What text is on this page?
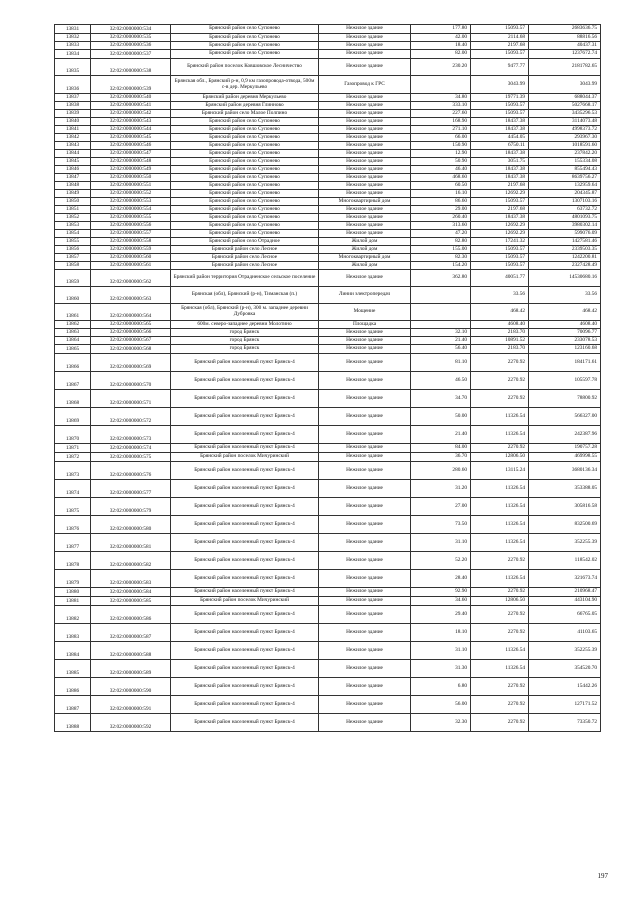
13831	32:02:0000000:534	Брянский район село Супонево	Нежилое здание	177.80	15093.57	2683636.75
13832	32:02:0000000:535	Брянский район село Супонево	Нежилое здание	42.00	2114.68	88816.56
13833	32:02:0000000:536	Брянский район село Супонево	Нежилое здание	18.40	2197.68	40437.31
13834	32:02:0000000:537	Брянский район село Супонево	Нежилое здание	82.00	15093.57	1237672.74
13835	32:02:0000000:538	Брянский район поселок Ковшовское Лесничество	Нежилое здание	230.20	9477.77	2181782.65
13836	32:02:0000000:539	Брянская обл., Брянский р-н, 0,9 км газопровода-отвода, 500м с-в дер. Меркульево	Газопровод к ГРС		3043.99	3043.99
13837	32:02:0000000:540	Брянский район деревня Меркульево	Нежилое здание	34.80	19771.39	688044.37
13838	32:02:0000000:541	Брянский район деревня Глинново	Нежилое здание	333.10	15093.57	5027668.17
13839	32:02:0000000:542	Брянский район село Малое Полпино	Нежилое здание	227.60	15093.57	3435296.53
13840	32:02:0000000:543	Брянский район село Супонево	Нежилое здание	168.90	18437.38	3114073.48
13841	32:02:0000000:544	Брянский район село Супонево	Нежилое здание	271.10	18437.38	4998373.72
13842	32:02:0000000:545	Брянский район село Супонево	Нежилое здание	66.00	4454.05	293967.30
13843	32:02:0000000:546	Брянский район село Супонево	Нежилое здание	150.90	6750.11	1018591.60
13844	32:02:0000000:547	Брянский район село Супонево	Нежилое здание	12.90	18437.38	237842.20
13845	32:02:0000000:548	Брянский район село Супонево	Нежилое здание	50.90	3051.75	155334.08
13846	32:02:0000000:549	Брянский район село Супонево	Нежилое здание	46.40	18437.38	855494.43
13847	32:02:0000000:550	Брянский район село Супонево	Нежилое здание	468.60	18437.38	8639756.27
13848	32:02:0000000:551	Брянский район село Супонево	Нежилое здание	60.50	2197.68	132959.64
13849	32:02:0000000:552	Брянский район село Супонево	Нежилое здание	16.10	12692.29	204345.87
13850	32:02:0000000:553	Брянский район село Супонево	Многоквартирный дом	86.60	15093.57	1307103.16
13851	32:02:0000000:554	Брянский район село Супонево	Нежилое здание	29.00	2197.68	63732.72
13852	32:02:0000000:555	Брянский район село Супонево	Нежилое здание	260.40	18437.38	4801093.75
13853	32:02:0000000:556	Брянский район село Супонево	Нежилое здание	313.60	12692.29	3980302.14
13854	32:02:0000000:557	Брянский район село Супонево	Нежилое здание	47.20	12692.29	599076.09
13855	32:02:0000000:558	Брянский район село Отрадное	Жилой дом	82.80	17241.32	1427581.46
13856	32:02:0000000:559	Брянский район село Лесное	Жилой дом	155.00	15093.57	2339503.35
13857	32:02:0000000:560	Брянский район село Лесное	Многоквартирный дом	82.30	15093.57	1242200.81
13858	32:02:0000000:561	Брянский район село Лесное	Жилой дом	154.20	15093.57	2327428.49
13859	32:02:0000000:562	Брянский район территория Отрадненское сельское поселение	Нежилое здание	362.80	40051.77	14530680.16
13860	32:02:0000000:563	Брянская (обл), Брянский (р-н), Тиманская (п.)	Линии электропередач		33.56	33.56
13861	32:02:0000000:564	Брянская (обл), Брянский (р-н), 300 м. западнее деревни Дубровка	Мощение		468.42	468.42
13862	32:02:0000000:565	600м. северо-западнее деревни Молотино	Площадка		4608.40	4608.40
13863	32:02:0000000:566	город Брянск	Нежилое здание	32.10	2183.70	70096.77
13864	32:02:0000000:567	город Брянск	Нежилое здание	21.40	10891.52	233078.53
13865	32:02:0000000:568	город Брянск	Нежилое здание	56.40	2183.70	123160.68
13866	32:02:0000000:569	Брянский район населенный пункт Брянск-4	Нежилое здание	81.10	2270.92	184171.61
13867	32:02:0000000:570	Брянский район населенный пункт Брянск-4	Нежилое здание	46.50	2270.92	105597.78
13868	32:02:0000000:571	Брянский район населенный пункт Брянск-4	Нежилое здание	34.70	2270.92	78800.92
13869	32:02:0000000:572	Брянский район населенный пункт Брянск-4	Нежилое здание	50.00	11326.54	566327.00
13870	32:02:0000000:573	Брянский район населенный пункт Брянск-4	Нежилое здание	21.40	11326.54	242387.96
13871	32:02:0000000:574	Брянский район населенный пункт Брянск-4	Нежилое здание	84.00	2270.92	190757.28
13872	32:02:0000000:575	Брянский район поселок Мичуринский	Нежилое здание	36.70	12806.50	469998.55
13873	32:02:0000000:576	Брянский район населенный пункт Брянск-4	Нежилое здание	280.60	13115.24	3680136.34
13874	32:02:0000000:577	Брянский район населенный пункт Брянск-4	Нежилое здание	31.20	11326.54	353388.05
13875	32:02:0000000:579	Брянский район населенный пункт Брянск-4	Нежилое здание	27.00	11326.54	305816.58
13876	32:02:0000000:580	Брянский район населенный пункт Брянск-4	Нежилое здание	73.50	11326.54	832500.69
13877	32:02:0000000:581	Брянский район населенный пункт Брянск-4	Нежилое здание	31.10	11326.54	352255.39
13878	32:02:0000000:582	Брянский район населенный пункт Брянск-4	Нежилое здание	52.20	2270.92	118542.02
13879	32:02:0000000:583	Брянский район населенный пункт Брянск-4	Нежилое здание	28.40	11326.54	321673.74
13880	32:02:0000000:584	Брянский район населенный пункт Брянск-4	Нежилое здание	92.90	2270.92	210968.47
13881	32:02:0000000:585	Брянский район поселок Мичуринский	Нежилое здание	34.60	12806.50	443104.90
13882	32:02:0000000:586	Брянский район населенный пункт Брянск-4	Нежилое здание	29.40	2270.92	66765.05
13883	32:02:0000000:587	Брянский район населенный пункт Брянск-4	Нежилое здание	18.10	2270.92	41103.65
13884	32:02:0000000:588	Брянский район населенный пункт Брянск-4	Нежилое здание	31.10	11326.54	352255.39
13885	32:02:0000000:589	Брянский район населенный пункт Брянск-4	Нежилое здание	31.30	11326.54	354520.70
13886	32:02:0000000:590	Брянский район населенный пункт Брянск-4	Нежилое здание	6.80	2270.92	15442.26
13887	32:02:0000000:591	Брянский район населенный пункт Брянск-4	Нежилое здание	56.00	2270.92	127171.52
13888	32:02:0000000:592	Брянский район населенный пункт Брянск-4	Нежилое здание	32.30	2270.92	73350.72
197
